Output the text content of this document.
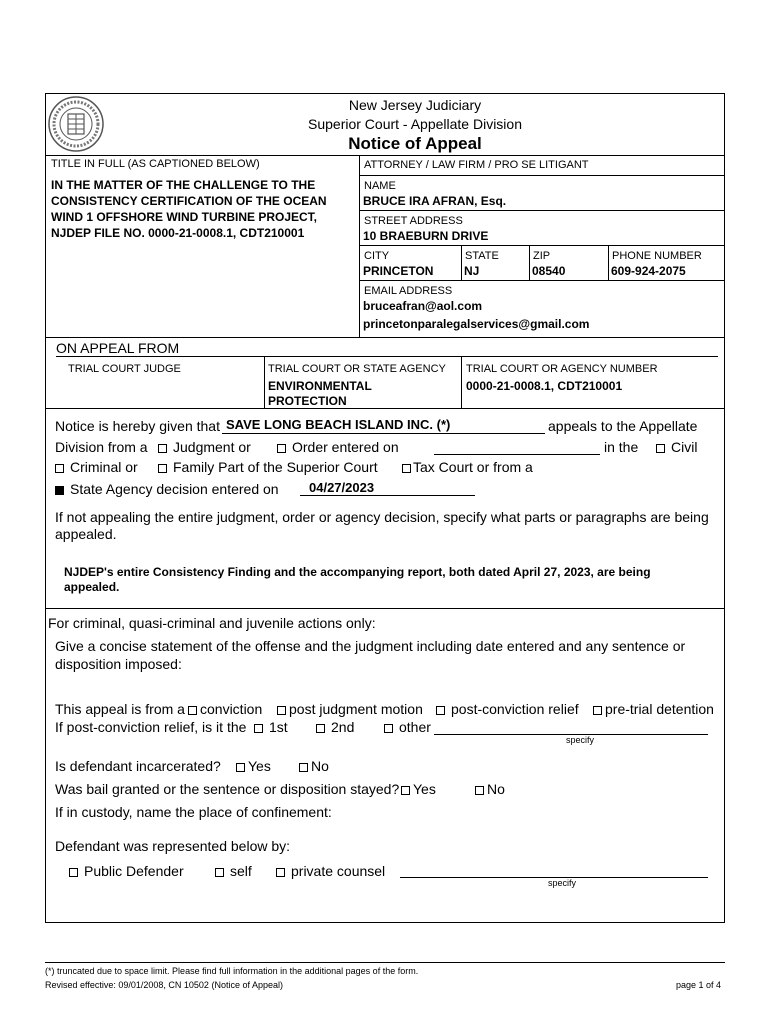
New Jersey Judiciary
Superior Court - Appellate Division
Notice of Appeal
TITLE IN FULL (AS CAPTIONED BELOW)
IN THE MATTER OF THE CHALLENGE TO THE CONSISTENCY CERTIFICATION OF THE OCEAN WIND 1 OFFSHORE WIND TURBINE PROJECT, NJDEP FILE NO. 0000-21-0008.1, CDT210001
ATTORNEY / LAW FIRM / PRO SE LITIGANT
NAME
BRUCE IRA AFRAN, Esq.
STREET ADDRESS
10 BRAEBURN DRIVE
CITY
PRINCETON
STATE
NJ
ZIP
08540
PHONE NUMBER
609-924-2075
EMAIL ADDRESS
bruceafran@aol.com
princetonparalegalservices@gmail.com
ON APPEAL FROM
TRIAL COURT JUDGE	TRIAL COURT OR STATE AGENCY
ENVIRONMENTAL
PROTECTION
TRIAL COURT OR AGENCY NUMBER
0000-21-0008.1, CDT210001
Notice is hereby given that SAVE LONG BEACH ISLAND INC. (*)	appeals to the Appellate
Division from a	Judgment or	Order entered on	in the	Civil
Criminal or	Family Part of the Superior Court	Tax Court or from a
State Agency decision entered on 04/27/2023
If not appealing the entire judgment, order or agency decision, specify what parts or paragraphs are being appealed.
NJDEP's entire Consistency Finding and the accompanying report, both dated April 27, 2023, are being
appealed.
For criminal, quasi-criminal and juvenile actions only:
Give a concise statement of the offense and the judgment including date entered and any sentence or
disposition imposed:
This appeal is from a	conviction	post judgment motion	post-conviction relief	pre-trial detention
If post-conviction relief, is it the	1st	2nd	other
specify
Is defendant incarcerated?	Yes	No
Was bail granted or the sentence or disposition stayed? Yes	No
If in custody, name the place of confinement:
Defendant was represented below by:
Public Defender	self	private counsel
specify
(*) truncated due to space limit. Please find full information in the additional pages of the form.
Revised effective: 09/01/2008, CN 10502 (Notice of Appeal)	page 1 of 4
